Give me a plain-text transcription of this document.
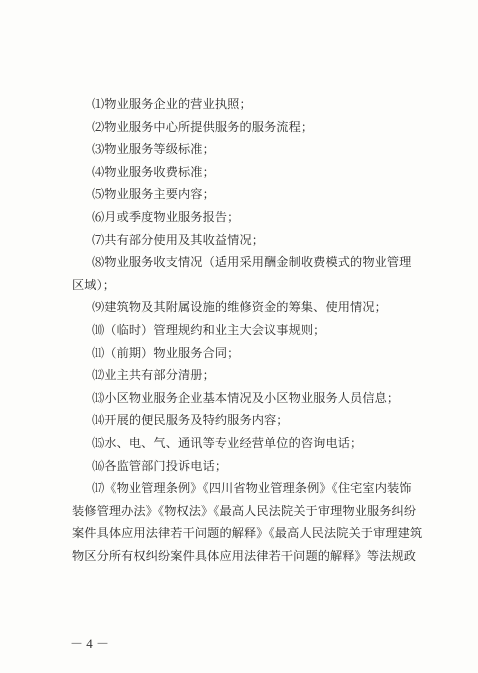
⑴物业服务企业的营业执照；
⑵物业服务中心所提供服务的服务流程；
⑶物业服务等级标准；
⑷物业服务收费标准；
⑸物业服务主要内容；
⑹月或季度物业服务报告；
⑺共有部分使用及其收益情况；
⑻物业服务收支情况（适用采用酬金制收费模式的物业管理
区域）；
⑼建筑物及其附属设施的维修资金的筹集、使用情况；
⑽（临时）管理规约和业主大会议事规则；
⑾（前期）物业服务合同；
⑿业主共有部分清册；
⒀小区物业服务企业基本情况及小区物业服务人员信息；
⒁开展的便民服务及特约服务内容；
⒂水、电、气、通讯等专业经营单位的咨询电话；
⒃各监管部门投诉电话；
⒄《物业管理条例》《四川省物业管理条例》《住宅室内装饰
装修管理办法》《物权法》《最高人民法院关于审理物业服务纠纷
案件具体应用法律若干问题的解释》《最高人民法院关于审理建筑
物区分所有权纠纷案件具体应用法律若干问题的解释》等法规政
－ 4 －
